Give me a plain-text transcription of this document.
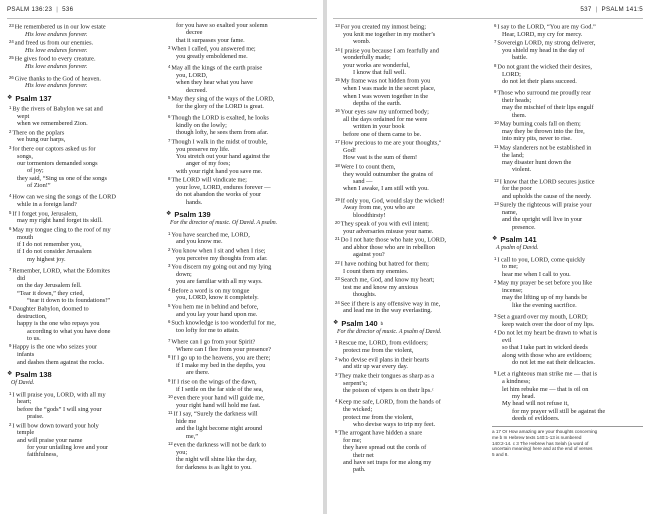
PSALM 136:23 | 536
$^{23}$He remembered us in our low estate
His love endures forever.
$^{24}$and freed us from our enemies.
His love endures forever.
$^{25}$He gives food to every creature.
His love endures forever.
$^{26}$Give thanks to the God of heaven.
His love endures forever.
❖ Psalm 137
$^1$By the rivers of Babylon we sat and
wept
when we remembered Zion.
$^2$There on the poplars
we hung our harps,
$^3$for there our captors asked us for
songs,
our tormentors demanded songs
of joy;
they said, “Sing us one of the songs
of Zion!”
$^4$How can we sing the songs of the LORD
while in a foreign land?
$^5$If I forget you, Jerusalem,
may my right hand forget its skill.
$^6$May my tongue cling to the roof of my
mouth
if I do not remember you,
if I do not consider Jerusalem
my highest joy.
$^7$Remember, LORD, what the Edomites
did
on the day Jerusalem fell.
“Tear it down,” they cried,
“tear it down to its foundations!”
$^8$Daughter Babylon, doomed to
destruction,
happy is the one who repays you
according to what you have done
to us.
$^9$Happy is the one who seizes your
infants
and dashes them against the rocks.
❖ Psalm 138
Of David.
$^1$I will praise you, LORD, with all my
heart;
before the “gods” I will sing your
praise.
$^2$I will bow down toward your holy
temple
and will praise your name
for your unfailing love and your
faithfulness,
for you have so exalted your solemn
decree
that it surpasses your fame.
$^3$When I called, you answered me;
you greatly emboldened me.
$^4$May all the kings of the earth praise
you, LORD,
when they hear what you have
decreed.
$^5$May they sing of the ways of the LORD,
for the glory of the LORD is great.
$^6$Though the LORD is exalted, he looks
kindly on the lowly;
though lofty, he sees them from afar.
$^7$Though I walk in the midst of trouble,
you preserve my life.
You stretch out your hand against the
anger of my foes;
with your right hand you save me.
$^8$The LORD will vindicate me;
your love, LORD, endures forever —
do not abandon the works of your
hands.
❖ Psalm 139
For the director of music. Of David. A psalm.
$^1$You have searched me, LORD,
and you know me.
$^2$You know when I sit and when I rise;
you perceive my thoughts from afar.
$^3$You discern my going out and my lying
down;
you are familiar with all my ways.
$^4$Before a word is on my tongue
you, LORD, know it completely.
$^5$You hem me in behind and before,
and you lay your hand upon me.
$^6$Such knowledge is too wonderful for me,
too lofty for me to attain.
$^7$Where can I go from your Spirit?
Where can I flee from your presence?
$^8$If I go up to the heavens, you are there;
if I make my bed in the depths, you
are there.
$^9$If I rise on the wings of the dawn,
if I settle on the far side of the sea,
$^{10}$even there your hand will guide me,
your right hand will hold me fast.
$^{11}$If I say, “Surely the darkness will
hide me
and the light become night around
me,”
$^{12}$even the darkness will not be dark to
you;
the night will shine like the day,
for darkness is as light to you.
537 | PSALM 141:5
$^{13}$For you created my inmost being;
you knit me together in my mother’s
womb.
$^{14}$I praise you because I am fearfully and
wonderfully made;
your works are wonderful,
I know that full well.
$^{15}$My frame was not hidden from you
when I was made in the secret place,
when I was woven together in the
depths of the earth.
$^{16}$Your eyes saw my unformed body;
all the days ordained for me were
written in your book
before one of them came to be.
$^{17}$How precious to me are your thoughts,ª
God!
How vast is the sum of them!
$^{18}$Were I to count them,
they would outnumber the grains of
sand —
when I awake, I am still with you.
$^{19}$If only you, God, would slay the wicked!
Away from me, you who are
bloodthirsty!
$^{20}$They speak of you with evil intent;
your adversaries misuse your name.
$^{21}$Do I not hate those who hate you, LORD,
and abhor those who are in rebellion
against you?
$^{22}$I have nothing but hatred for them;
I count them my enemies.
$^{23}$Search me, God, and know my heart;
test me and know my anxious
thoughts.
$^{24}$See if there is any offensive way in me,
and lead me in the way everlasting.
❖ Psalm 140 b
For the director of music. A psalm of David.
$^1$Rescue me, LORD, from evildoers;
protect me from the violent,
$^2$who devise evil plans in their hearts
and stir up war every day.
$^3$They make their tongues as sharp as a
serpent’s;
the poison of vipers is on their lips.ᶜ
$^4$Keep me safe, LORD, from the hands of
the wicked;
protect me from the violent,
who devise ways to trip my feet.
$^5$The arrogant have hidden a snare
for me;
they have spread out the cords of
their net
and have set traps for me along my
path.
$^6$I say to the LORD, “You are my God.”
Hear, LORD, my cry for mercy.
$^7$Sovereign LORD, my strong deliverer,
you shield my head in the day of
battle.
$^8$Do not grant the wicked their desires,
LORD;
do not let their plans succeed.
$^9$Those who surround me proudly rear
their heads;
may the mischief of their lips engulf
them.
$^{10}$May burning coals fall on them;
may they be thrown into the fire,
into miry pits, never to rise.
$^{11}$May slanderers not be established in
the land;
may disaster hunt down the
violent.
$^{12}$I know that the LORD secures justice
for the poor
and upholds the cause of the needy.
$^{13}$Surely the righteous will praise your
name,
and the upright will live in your
presence.
❖ Psalm 141
A psalm of David.
$^1$I call to you, LORD, come quickly
to me;
hear me when I call to you.
$^2$May my prayer be set before you like
incense;
may the lifting up of my hands be
like the evening sacrifice.
$^3$Set a guard over my mouth, LORD;
keep watch over the door of my lips.
$^4$Do not let my heart be drawn to what is
evil
so that I take part in wicked deeds
along with those who are evildoers;
do not let me eat their delicacies.
$^5$Let a righteous man strike me — that is
a kindness;
let him rebuke me — that is oil on
my head.
My head will not refuse it,
for my prayer will still be against the
deeds of evildoers.
a 17 Or How amazing are your thoughts concerning
me b In Hebrew texts 140:1-13 is numbered
140:2-14. c 3 The Hebrew has Selah (a word of
uncertain meaning) here and at the end of verses
5 and 8.
